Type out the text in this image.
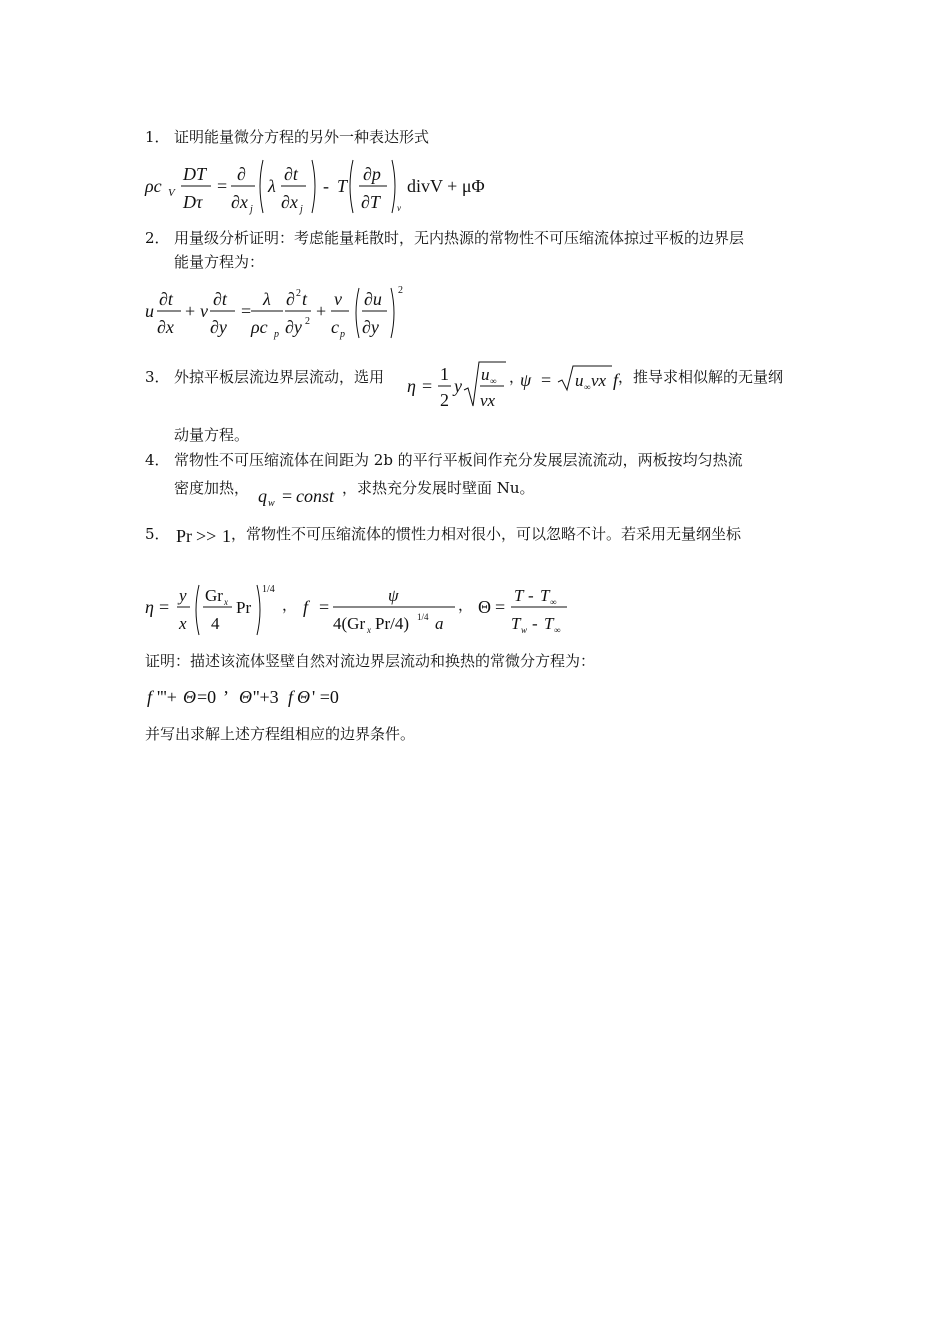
1． 证明能量微分方程的另外一种表达形式
ρc V
DT
Dτ
=
∂
∂x j
λ
∂t
∂x j
- T
∂p
∂T v
divV + μΦ
2． 用量级分析证明：考虑能量耗散时，无内热源的常物性不可压缩流体掠过平板的边界层
能量方程为：
u
∂t
∂x
+ v
∂t
∂y
=
λ
ρc p
∂ 2 t
∂y 2
+
ν
c p
∂u
∂y
2
3． 外掠平板层流边界层流动，选用 η =
1
2
y
u ∞
νx
，
ψ = u ∞ νx f ，推导求相似解的无量纲
动量方程。
4． 常物性不可压缩流体在间距为 2b 的平行平板间作充分发展层流流动，两板按均匀热流
密度加热， q w = const ，求热充分发展时壁面 Nu。
5． Pr >> 1 ，常物性不可压缩流体的惯性力相对很小，可以忽略不计。若采用无量纲坐标
η =
y
x
Gr x
4
Pr
1/4
， f =
ψ
4(Gr x Pr/4) 1/4 a
， Θ =
T - T ∞
T w - T ∞
证明：描述该流体竖壁自然对流边界层流动和换热的常微分方程为：
f '''+ Θ =0 ’ Θ ''+3 f Θ ' =0
并写出求解上述方程组相应的边界条件。
